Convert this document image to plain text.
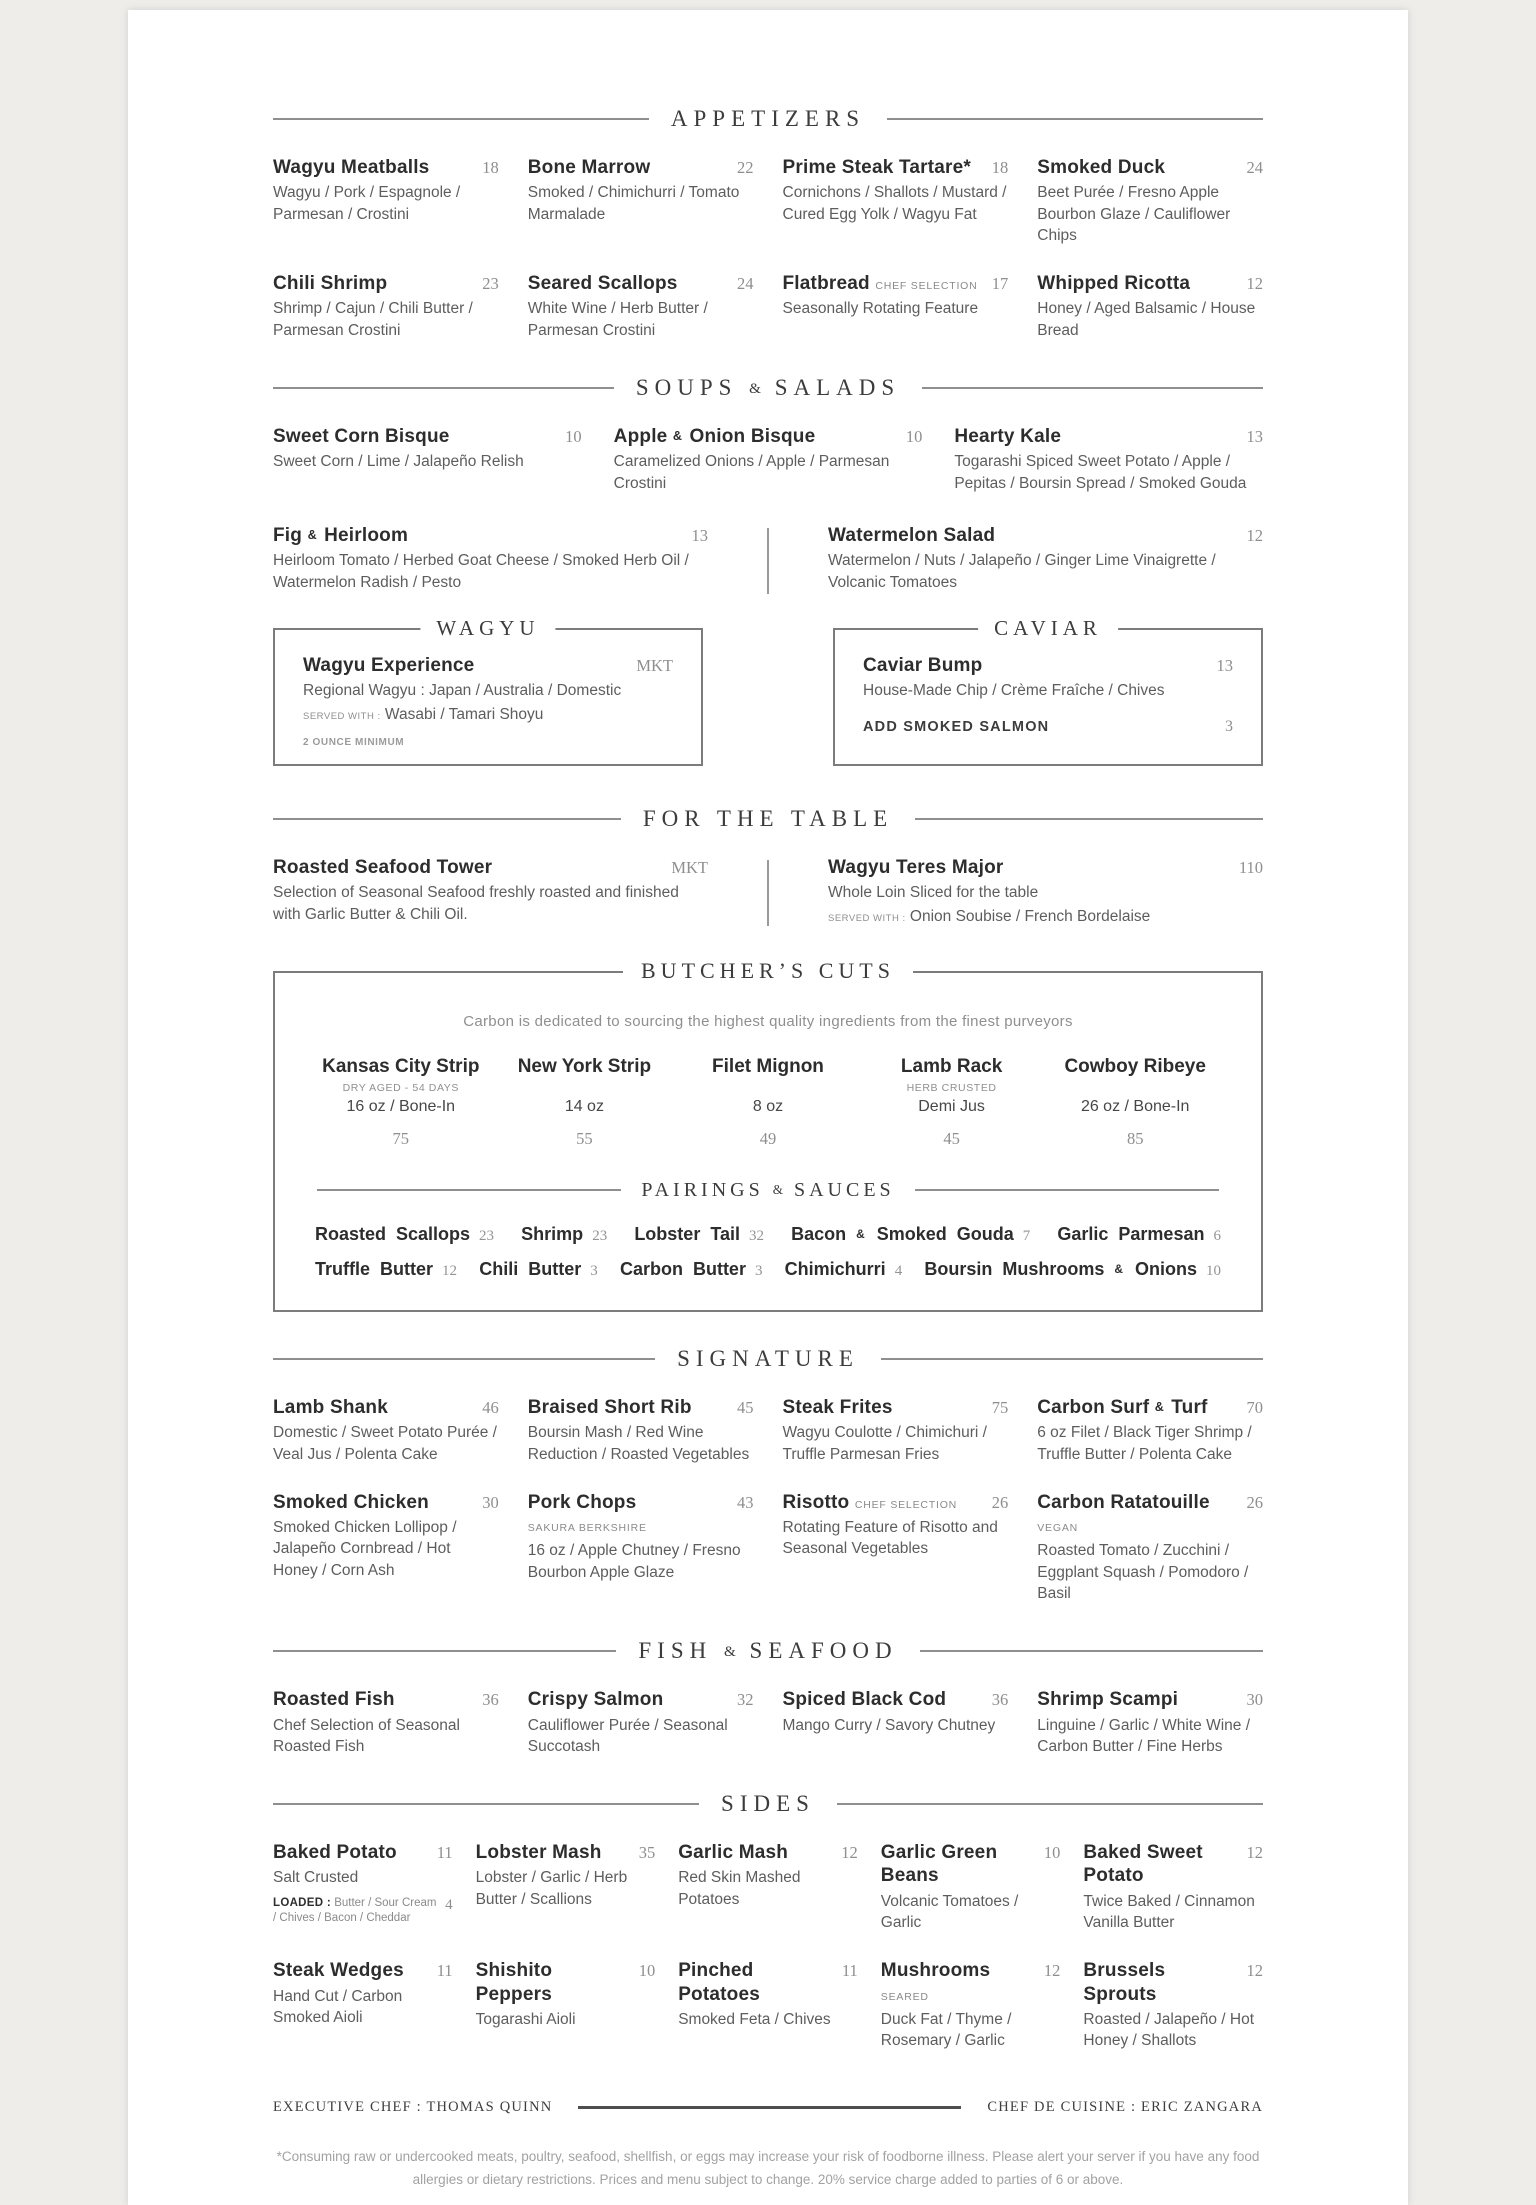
APPETIZERS
Wagyu Meatballs	18
Wagyu / Pork / Espagnole / Parmesan / Crostini
Bone Marrow	22
Smoked / Chimichurri / Tomato Marmalade
Prime Steak Tartare*	18
Cornichons / Shallots / Mustard / Cured Egg Yolk / Wagyu Fat
Smoked Duck	24
Beet Purée / Fresno Apple Bourbon Glaze / Cauliflower Chips
Chili Shrimp	23
Shrimp / Cajun / Chili Butter / Parmesan Crostini
Seared Scallops	24
White Wine / Herb Butter / Parmesan Crostini
Flatbread CHEF SELECTION 17
Seasonally Rotating Feature
Whipped Ricotta	12
Honey / Aged Balsamic / House Bread
SOUPS & SALADS
Sweet Corn Bisque	10
Sweet Corn / Lime / Jalapeño Relish
Apple & Onion Bisque	10
Caramelized Onions / Apple / Parmesan Crostini
Hearty Kale	13
Togarashi Spiced Sweet Potato / Apple / Pepitas / Boursin Spread / Smoked Gouda
Fig & Heirloom	13
Heirloom Tomato / Herbed Goat Cheese / Smoked Herb Oil / Watermelon Radish / Pesto
Watermelon Salad	12
Watermelon / Nuts / Jalapeño / Ginger Lime Vinaigrette / Volcanic Tomatoes
WAGYU
Wagyu Experience	MKT
Regional Wagyu : Japan / Australia / Domestic
SERVED WITH : Wasabi / Tamari Shoyu
2 OUNCE MINIMUM
CAVIAR
Caviar Bump	13
House-Made Chip / Crème Fraîche / Chives
ADD SMOKED SALMON	3
FOR THE TABLE
Roasted Seafood Tower	MKT
Selection of Seasonal Seafood freshly roasted and finished with Garlic Butter & Chili Oil.
Wagyu Teres Major	110
Whole Loin Sliced for the table
SERVED WITH : Onion Soubise / French Bordelaise
BUTCHER’S CUTS
Carbon is dedicated to sourcing the highest quality ingredients from the finest purveyors
Kansas City Strip
DRY AGED - 54 DAYS
16 oz / Bone-In
75
New York Strip
14 oz
55
Filet Mignon
8 oz
49
Lamb Rack
HERB CRUSTED
Demi Jus
45
Cowboy Ribeye
26 oz / Bone-In
85
PAIRINGS & SAUCES
Roasted Scallops 23 Shrimp 23 Lobster Tail 32 Bacon & Smoked Gouda 7 Garlic Parmesan 6
Truffle Butter 12 Chili Butter 3 Carbon Butter 3 Chimichurri 4 Boursin Mushrooms & Onions 10
SIGNATURE
Lamb Shank	46
Domestic / Sweet Potato Purée / Veal Jus / Polenta Cake
Braised Short Rib	45
Boursin Mash / Red Wine Reduction / Roasted Vegetables
Steak Frites	75
Wagyu Coulotte / Chimichuri / Truffle Parmesan Fries
Carbon Surf & Turf	70
6 oz Filet / Black Tiger Shrimp / Truffle Butter / Polenta Cake
Smoked Chicken	30
Smoked Chicken Lollipop / Jalapeño Cornbread / Hot Honey / Corn Ash
Pork Chops SAKURA BERKSHIRE
43
16 oz / Apple Chutney / Fresno Bourbon Apple Glaze
Risotto CHEF SELECTION	26
Rotating Feature of Risotto and Seasonal Vegetables
Carbon Ratatouille VEGAN
26
Roasted Tomato / Zucchini / Eggplant Squash / Pomodoro / Basil
FISH & SEAFOOD
Roasted Fish	36
Chef Selection of Seasonal Roasted Fish
Crispy Salmon	32
Cauliflower Purée / Seasonal Succotash
Spiced Black Cod	36
Mango Curry / Savory Chutney
Shrimp Scampi	30
Linguine / Garlic / White Wine / Carbon Butter / Fine Herbs
SIDES
Baked Potato	11
Salt Crusted
LOADED : Butter / Sour Cream / Chives / Bacon / Cheddar
4
Lobster Mash	35
Lobster / Garlic / Herb Butter / Scallions
Garlic Mash	12
Red Skin Mashed Potatoes
Garlic Green Beans
10
Volcanic Tomatoes / Garlic
Baked Sweet Potato
12
Twice Baked / Cinnamon Vanilla Butter
Steak Wedges	11
Hand Cut / Carbon Smoked Aioli
Shishito Peppers
10
Togarashi Aioli
Pinched Potatoes
11
Smoked Feta / Chives
Mushrooms SEARED
12
Duck Fat / Thyme / Rosemary / Garlic
Brussels Sprouts
12
Roasted / Jalapeño / Hot Honey / Shallots
EXECUTIVE CHEF : THOMAS QUINN	CHEF DE CUISINE : ERIC ZANGARA
*Consuming raw or undercooked meats, poultry, seafood, shellfish, or eggs may increase your risk of foodborne illness. Please alert your server if you have any food allergies or dietary restrictions. Prices and menu subject to change. 20% service charge added to parties of 6 or above.
